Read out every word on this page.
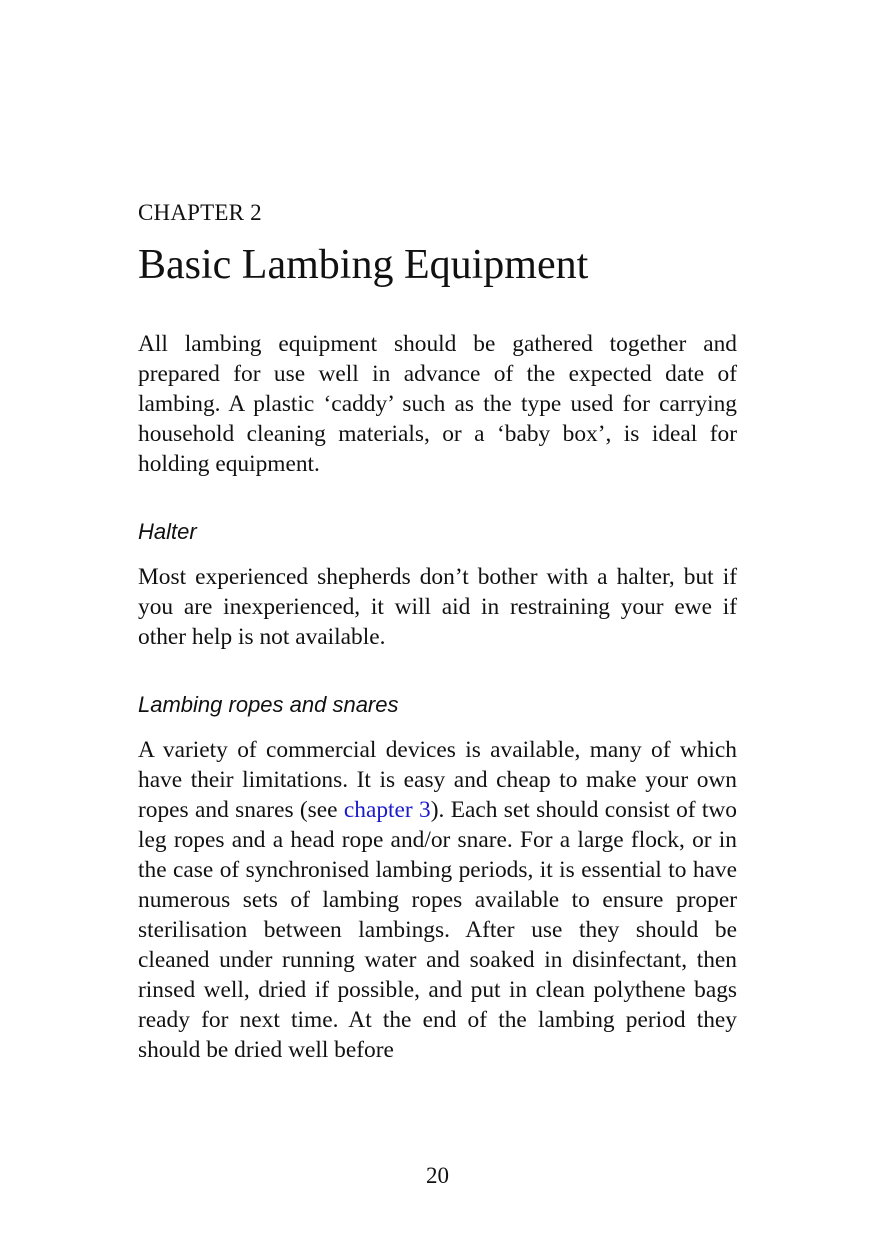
CHAPTER 2
Basic Lambing Equipment

All lambing equipment should be gathered together and prepared for use well in advance of the expected date of lambing. A plastic ‘caddy’ such as the type used for carrying household cleaning materials, or a ‘baby box’, is ideal for holding equipment.

Halter

Most experienced shepherds don’t bother with a halter, but if you are inexperienced, it will aid in restraining your ewe if other help is not available.

Lambing ropes and snares

A variety of commercial devices is available, many of which have their limitations. It is easy and cheap to make your own ropes and snares (see chapter 3). Each set should consist of two leg ropes and a head rope and/or snare. For a large flock, or in the case of synchronised lambing periods, it is essential to have numerous sets of lambing ropes available to ensure proper sterilisation between lambings. After use they should be cleaned under running water and soaked in disinfectant, then rinsed well, dried if possible, and put in clean polythene bags ready for next time. At the end of the lambing period they should be dried well before

20
